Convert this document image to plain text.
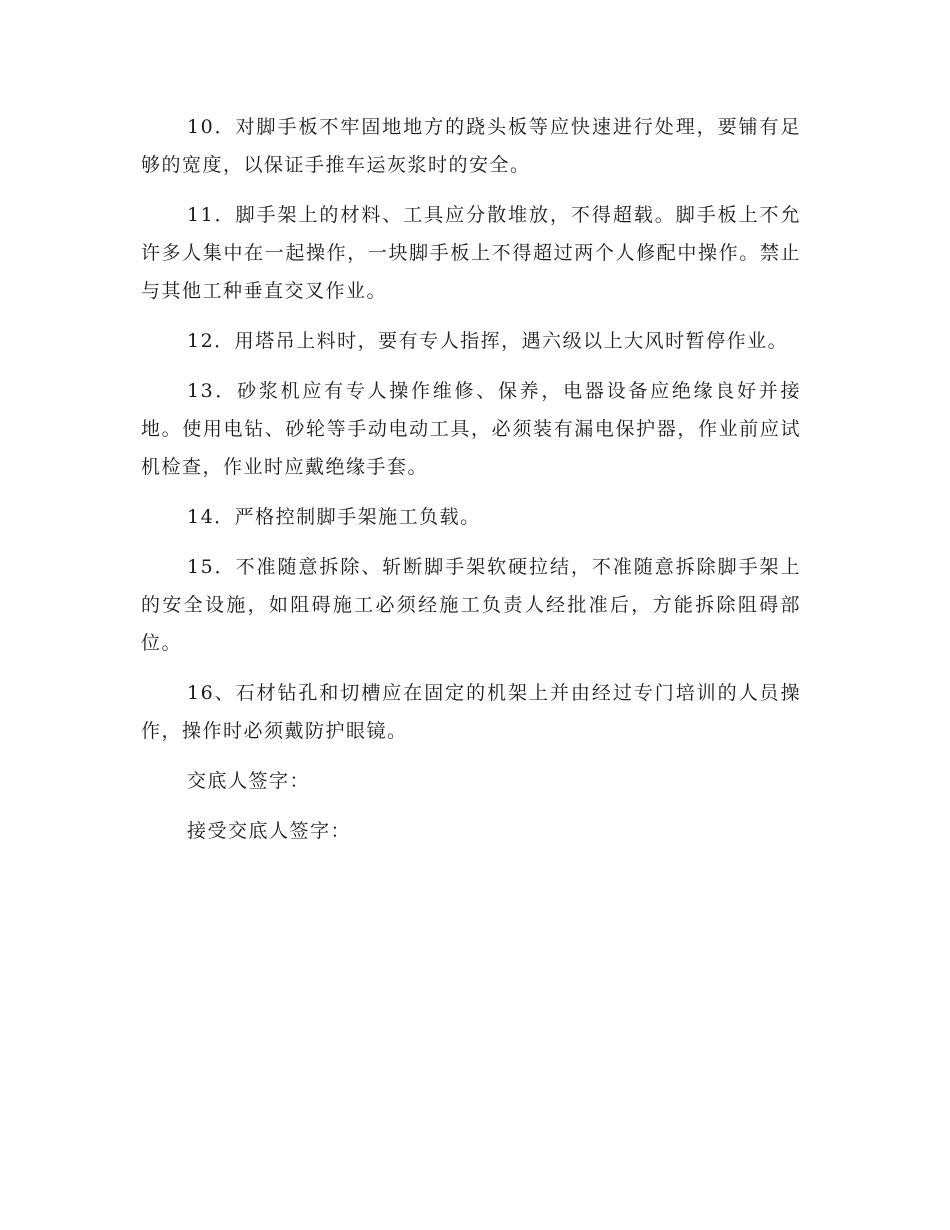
10．对脚手板不牢固地地方的跷头板等应快速进行处理，要铺有足够的宽度，以保证手推车运灰浆时的安全。

11．脚手架上的材料、工具应分散堆放，不得超载。脚手板上不允许多人集中在一起操作，一块脚手板上不得超过两个人修配中操作。禁止与其他工种垂直交叉作业。

12．用塔吊上料时，要有专人指挥，遇六级以上大风时暂停作业。

13．砂浆机应有专人操作维修、保养，电器设备应绝缘良好并接地。使用电钻、砂轮等手动电动工具，必须装有漏电保护器，作业前应试机检查，作业时应戴绝缘手套。

14．严格控制脚手架施工负载。

15．不准随意拆除、斩断脚手架软硬拉结，不准随意拆除脚手架上的安全设施，如阻碍施工必须经施工负责人经批准后，方能拆除阻碍部位。

16、石材钻孔和切槽应在固定的机架上并由经过专门培训的人员操作，操作时必须戴防护眼镜。

交底人签字：

接受交底人签字：
